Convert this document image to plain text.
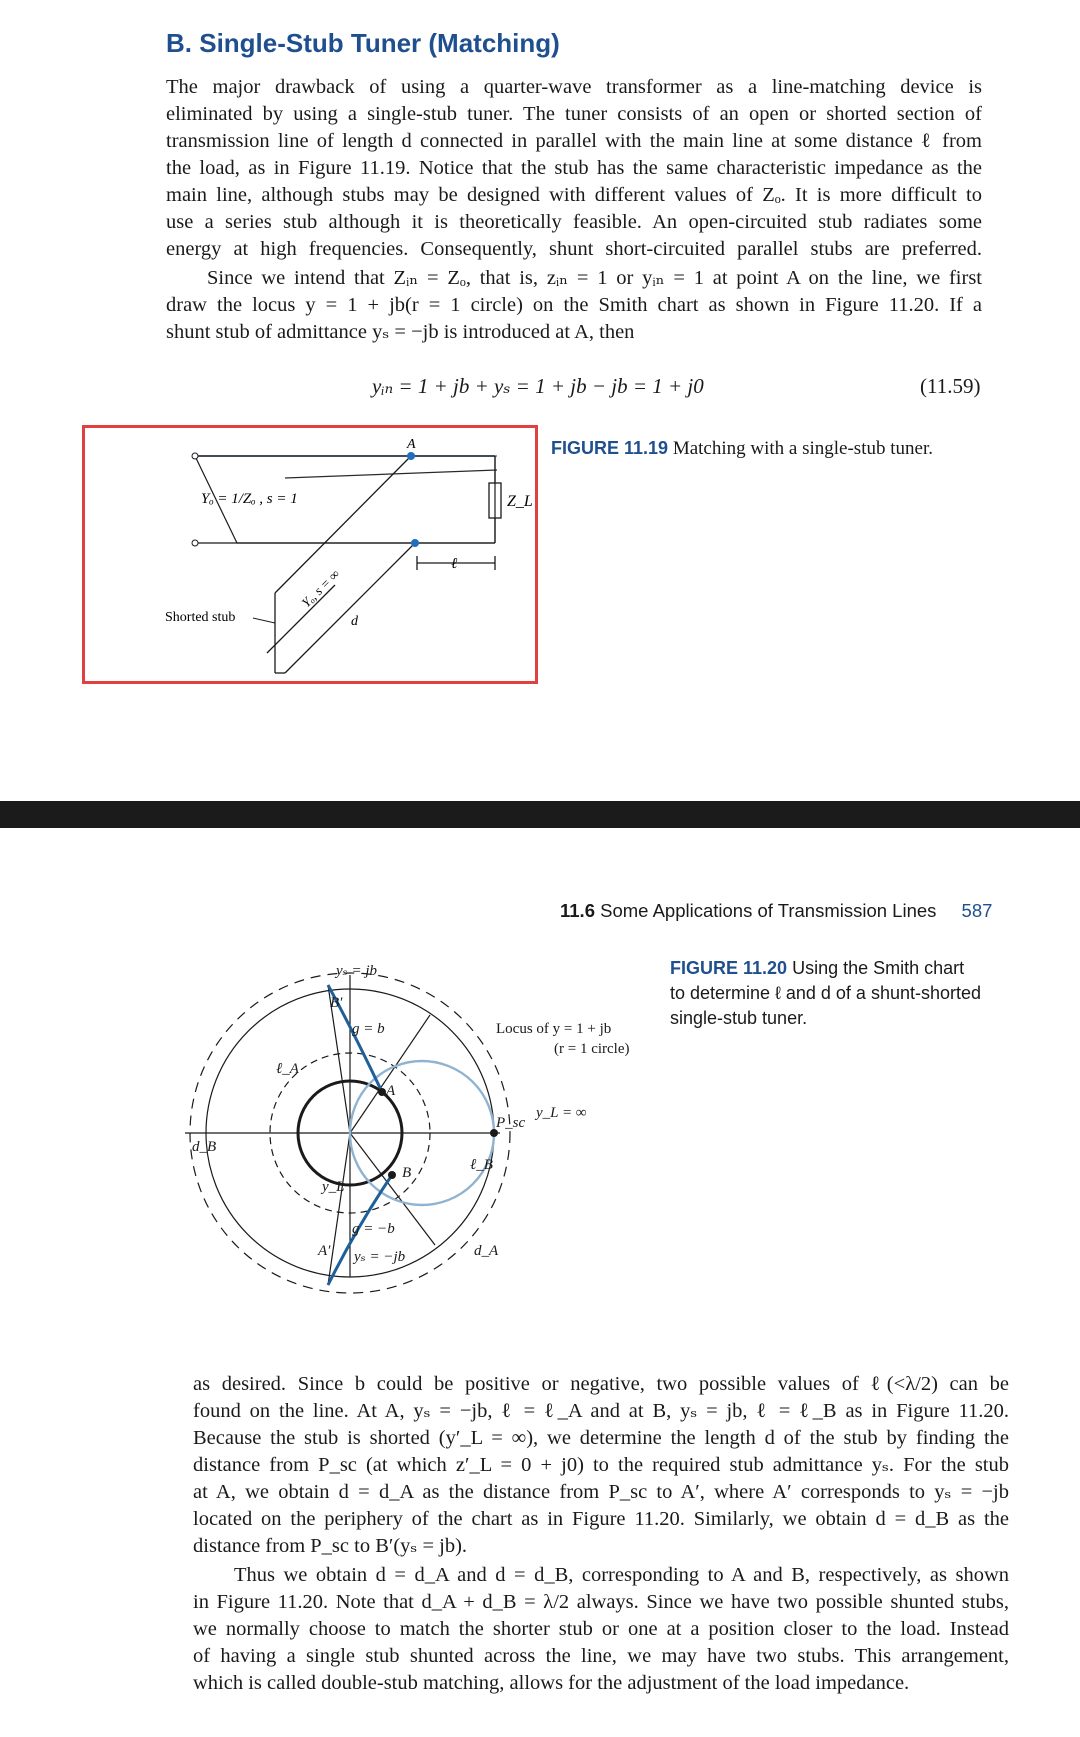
B. Single-Stub Tuner (Matching)
The major drawback of using a quarter-wave transformer as a line-matching device is
eliminated by using a single-stub tuner. The tuner consists of an open or shorted section of
transmission line of length d connected in parallel with the main line at some distance ℓ from
the load, as in Figure 11.19. Notice that the stub has the same characteristic impedance as the
main line, although stubs may be designed with different values of Zₒ. It is more difficult to
use a series stub although it is theoretically feasible. An open-circuited stub radiates some
energy at high frequencies. Consequently, shunt short-circuited parallel stubs are preferred.
Since we intend that Zᵢₙ = Zₒ, that is, zᵢₙ = 1 or yᵢₙ = 1 at point A on the line, we first
draw the locus y = 1 + jb(r = 1 circle) on the Smith chart as shown in Figure 11.20. If a
shunt stub of admittance yₛ = −jb is introduced at A, then
yᵢₙ = 1 + jb + yₛ = 1 + jb − jb = 1 + j0	(11.59)
A
Yₒ = 1/Zₒ , s = 1	Z_L
ℓ
Yₒ, s = ∞
d
Shorted stub
FIGURE 11.19 Matching with a single-stub tuner.
11.6 Some Applications of Transmission Lines 587
yₛ = jb
B′
g = b
A
B
g = −b
A′ yₛ = −jb
ℓ_A
d_B
y_L
P_sc
ℓ_B
d_A
y_L = ∞
Locus of y = 1 + jb
(r = 1 circle)
FIGURE 11.20 Using the Smith chart
to determine ℓ and d of a shunt-shorted
single-stub tuner.
as desired. Since b could be positive or negative, two possible values of ℓ(<λ/2) can be
found on the line. At A, yₛ = −jb, ℓ = ℓ_A and at B, yₛ = jb, ℓ = ℓ_B as in Figure 11.20.
Because the stub is shorted (y′_L = ∞), we determine the length d of the stub by finding the
distance from P_sc (at which z′_L = 0 + j0) to the required stub admittance yₛ. For the stub
at A, we obtain d = d_A as the distance from P_sc to A′, where A′ corresponds to yₛ = −jb
located on the periphery of the chart as in Figure 11.20. Similarly, we obtain d = d_B as the
distance from P_sc to B′(yₛ = jb).
Thus we obtain d = d_A and d = d_B, corresponding to A and B, respectively, as shown
in Figure 11.20. Note that d_A + d_B = λ/2 always. Since we have two possible shunted stubs,
we normally choose to match the shorter stub or one at a position closer to the load. Instead
of having a single stub shunted across the line, we may have two stubs. This arrangement,
which is called double-stub matching, allows for the adjustment of the load impedance.
